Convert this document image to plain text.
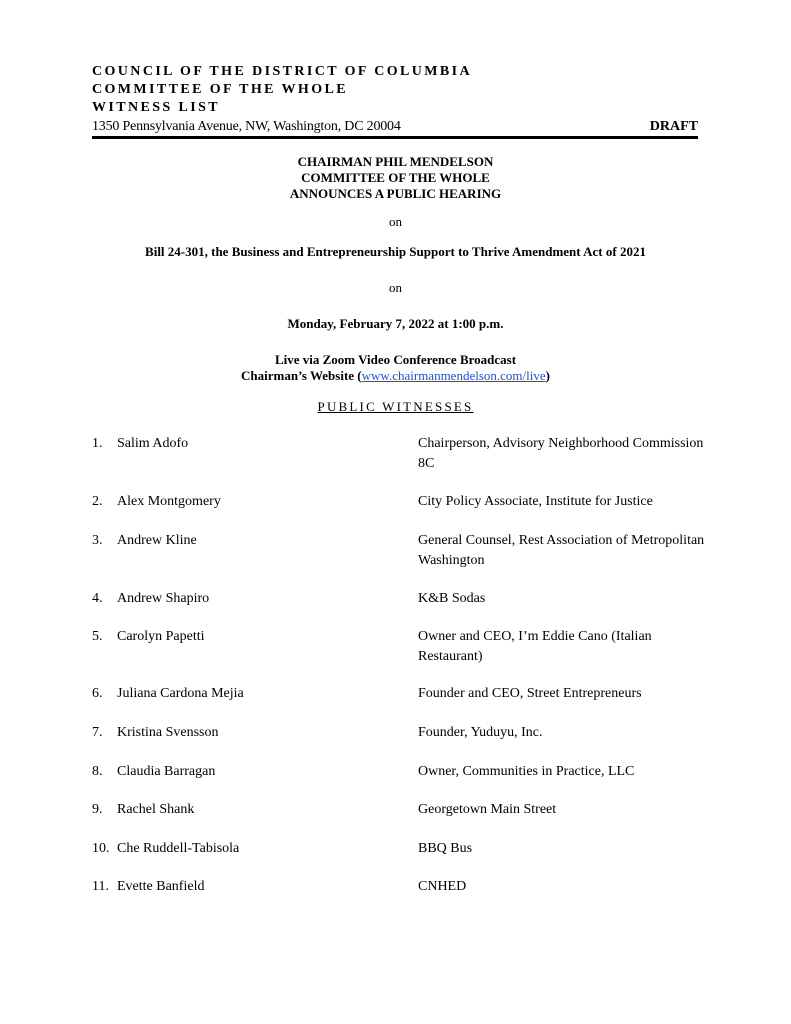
COUNCIL OF THE DISTRICT OF COLUMBIA
COMMITTEE OF THE WHOLE
WITNESS LIST
1350 Pennsylvania Avenue, NW, Washington, DC 20004	DRAFT
CHAIRMAN PHIL MENDELSON
COMMITTEE OF THE WHOLE
ANNOUNCES A PUBLIC HEARING
on
Bill 24-301, the Business and Entrepreneurship Support to Thrive Amendment Act of 2021
on
Monday, February 7, 2022 at 1:00 p.m.
Live via Zoom Video Conference Broadcast
Chairman’s Website (www.chairmanmendelson.com/live)
PUBLIC WITNESSES
1. Salim Adofo	Chairperson, Advisory Neighborhood Commission 8C
2. Alex Montgomery	City Policy Associate, Institute for Justice
3. Andrew Kline	General Counsel, Rest Association of Metropolitan Washington
4. Andrew Shapiro	K&B Sodas
5. Carolyn Papetti	Owner and CEO, I’m Eddie Cano (Italian Restaurant)
6. Juliana Cardona Mejia	Founder and CEO, Street Entrepreneurs
7. Kristina Svensson	Founder, Yuduyu, Inc.
8. Claudia Barragan	Owner, Communities in Practice, LLC
9. Rachel Shank	Georgetown Main Street
10. Che Ruddell-Tabisola	BBQ Bus
11. Evette Banfield	CNHED
